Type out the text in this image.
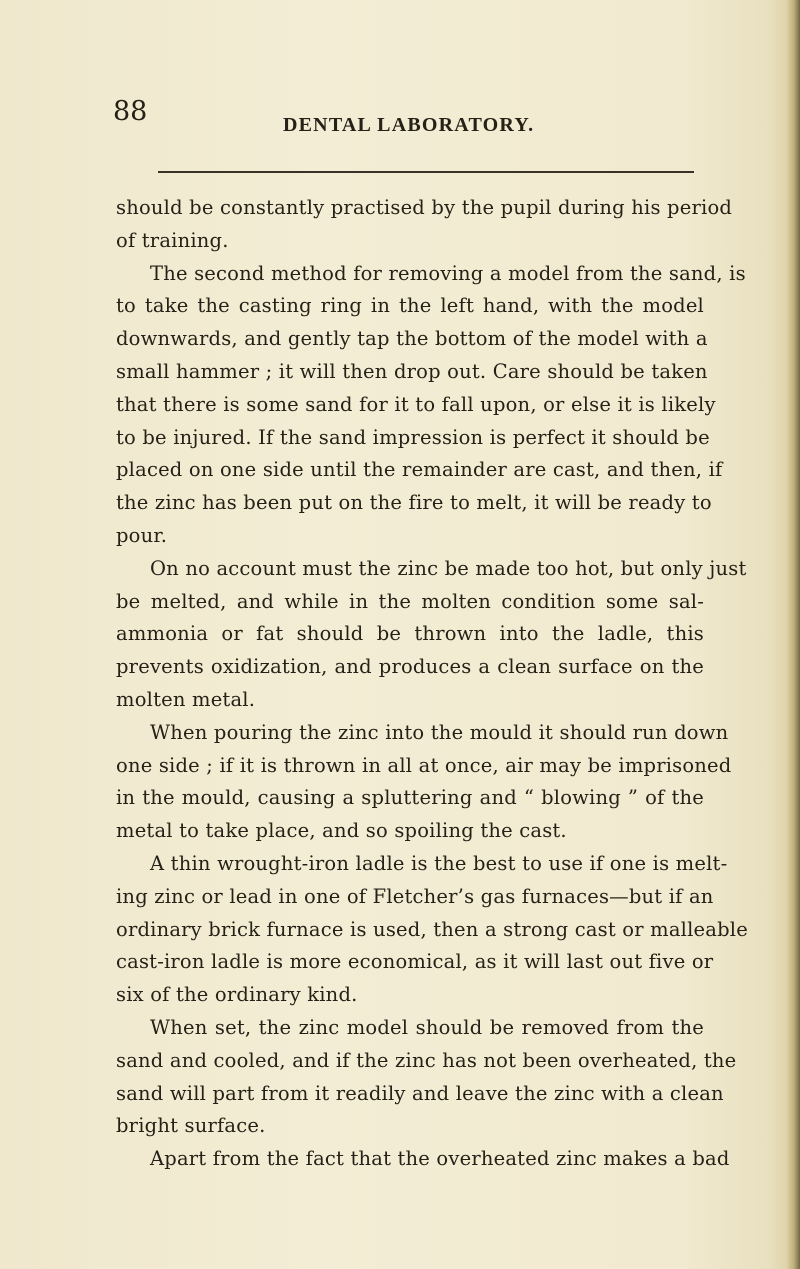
88	DENTAL LABORATORY.
should be constantly practised by the pupil during his period
of training.
The second method for removing a model from the sand, is
to take the casting ring in the left hand, with the model
downwards, and gently tap the bottom of the model with a
small hammer ; it will then drop out. Care should be taken
that there is some sand for it to fall upon, or else it is likely
to be injured. If the sand impression is perfect it should be
placed on one side until the remainder are cast, and then, if
the zinc has been put on the fire to melt, it will be ready to
pour.
On no account must the zinc be made too hot, but only just
be melted, and while in the molten condition some sal-
ammonia or fat should be thrown into the ladle, this
prevents oxidization, and produces a clean surface on the
molten metal.
When pouring the zinc into the mould it should run down
one side ; if it is thrown in all at once, air may be imprisoned
in the mould, causing a spluttering and “ blowing ” of the
metal to take place, and so spoiling the cast.
A thin wrought-iron ladle is the best to use if one is melt-
ing zinc or lead in one of Fletcher’s gas furnaces—but if an
ordinary brick furnace is used, then a strong cast or malleable
cast-iron ladle is more economical, as it will last out five or
six of the ordinary kind.
When set, the zinc model should be removed from the
sand and cooled, and if the zinc has not been overheated, the
sand will part from it readily and leave the zinc with a clean
bright surface.
Apart from the fact that the overheated zinc makes a bad
